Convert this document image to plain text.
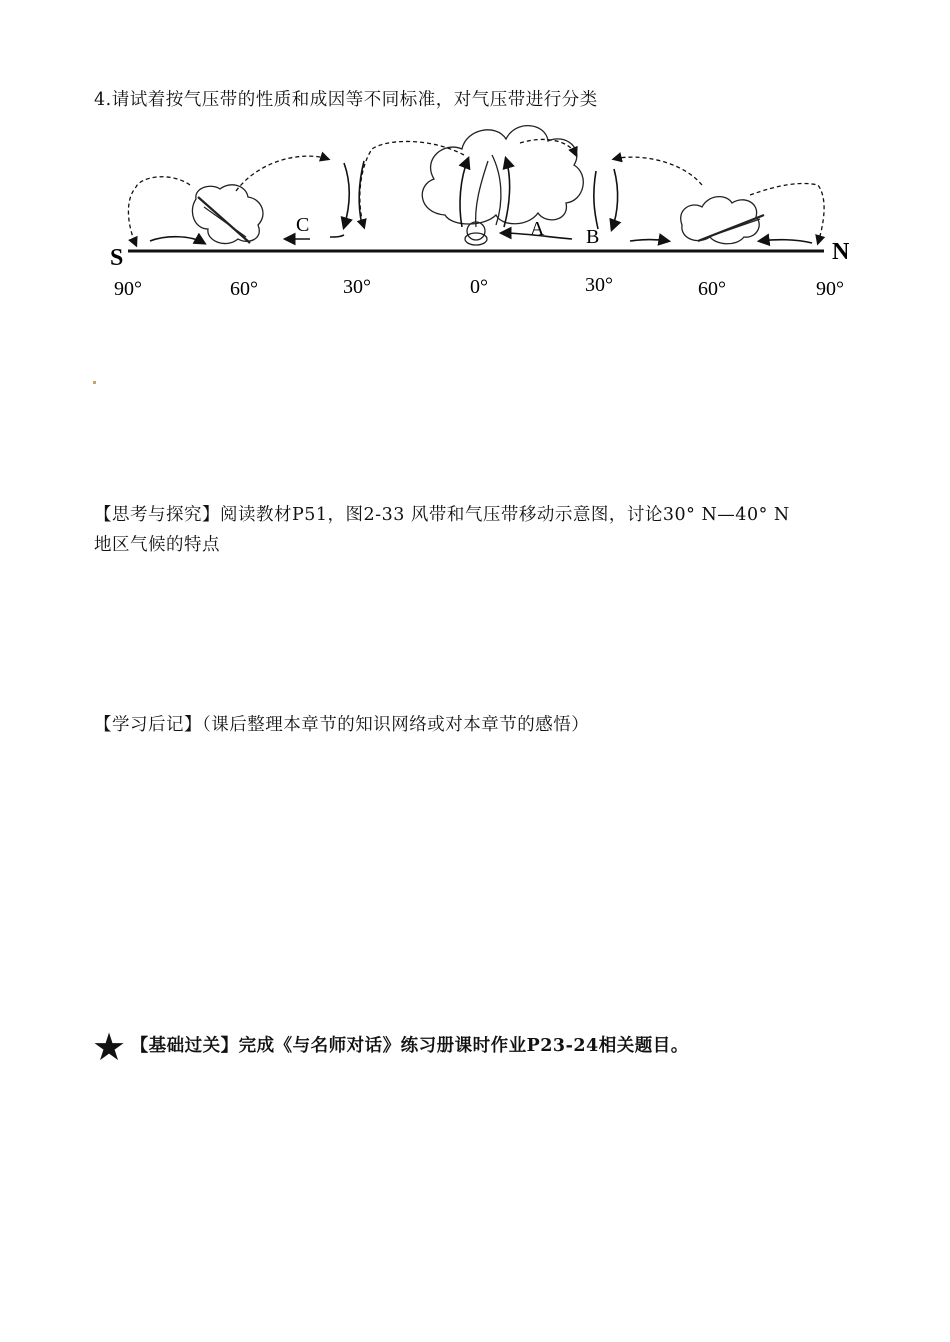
4.请试着按气压带的性质和成因等不同标准，对气压带进行分类
S	N
90°	60°	30°	0°	30°	60°	90°
C	A B
【思考与探究】阅读教材P51，图2-33 风带和气压带移动示意图，讨论30° N—40° N
地区气候的特点
【学习后记】（课后整理本章节的知识网络或对本章节的感悟）
★ 【基础过关】完成《与名师对话》练习册课时作业P23-24相关题目。
